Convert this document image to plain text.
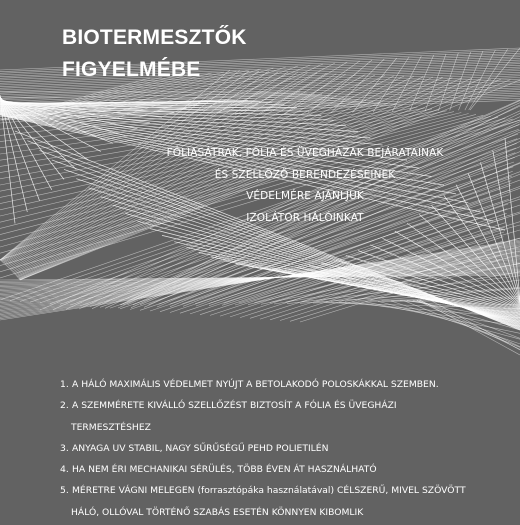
BIOTERMESZTŐK
FIGYELMÉBE
FÓLIASÁTRAK, FÓLIA ÉS ÜVEGHÁZAK BEJÁRATAINAK
ÉS SZELLŐZŐ BERENDEZÉSEINEK
VÉDELMÉRE AJÁNLJUK
IZOLÁTOR HÁLÓINKAT
1. A HÁLÓ MAXIMÁLIS VÉDELMET NYÚJT A BETOLAKODÓ POLOSKÁKKAL SZEMBEN.
2. A SZEMMÉRETE KIVÁLLÓ SZELLŐZÉST BIZTOSÍT A FÓLIA ÉS ÜVEGHÁZI
TERMESZTÉSHEZ
3. ANYAGA UV STABIL, NAGY SŰRŰSÉGŰ PEHD POLIETILÉN
4. HA NEM ÉRI MECHANIKAI SÉRÜLÉS, TÖBB ÉVEN ÁT HASZNÁLHATÓ
5. MÉRETRE VÁGNI MELEGEN (forrasztópáka használatával) CÉLSZERŰ, MIVEL SZÖVÖTT
HÁLÓ, OLLÓVAL TÖRTÉNŐ SZABÁS ESETÉN KÖNNYEN KIBOMLIK
